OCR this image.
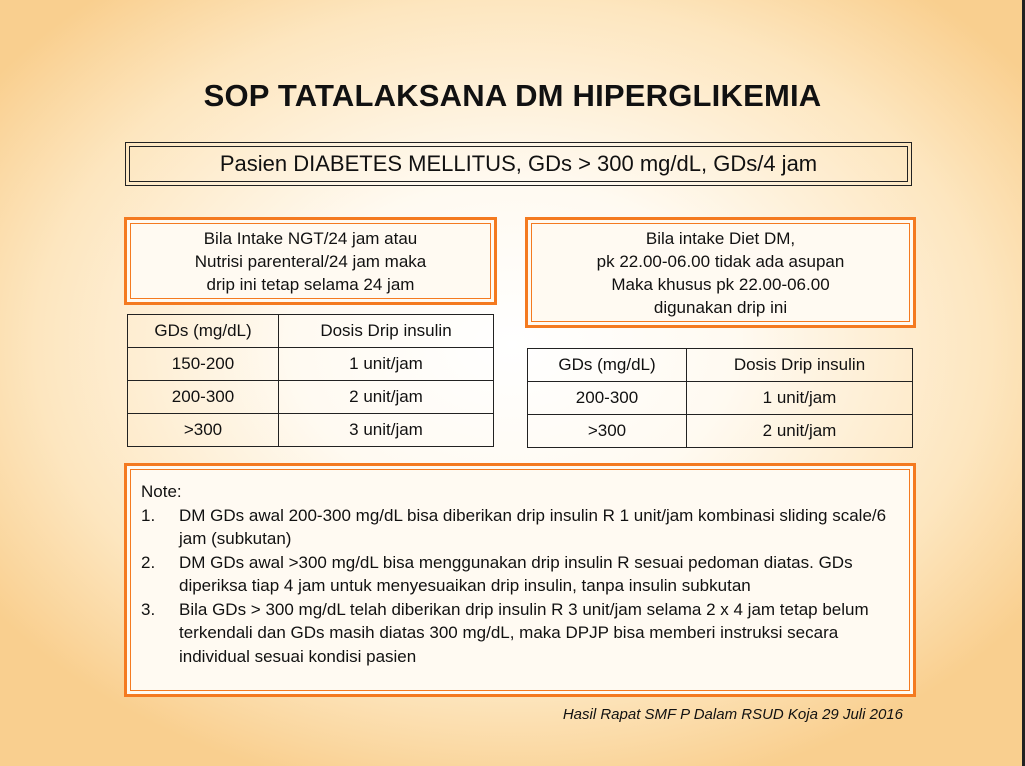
SOP TATALAKSANA DM HIPERGLIKEMIA
Pasien DIABETES MELLITUS, GDs > 300 mg/dL, GDs/4 jam
Bila Intake NGT/24 jam atau
Nutrisi parenteral/24 jam maka
drip ini tetap selama 24 jam
Bila intake Diet DM,
pk 22.00-06.00 tidak ada asupan
Maka khusus pk 22.00-06.00
digunakan drip ini
GDs (mg/dL)	Dosis Drip insulin
150-200	1 unit/jam
200-300	2 unit/jam
>300	3 unit/jam
GDs (mg/dL)	Dosis Drip insulin
200-300	1 unit/jam
>300	2 unit/jam
Note:
1.	DM GDs awal 200-300 mg/dL bisa diberikan drip insulin R 1 unit/jam kombinasi sliding scale/6 jam (subkutan)
2.	DM GDs awal >300 mg/dL bisa menggunakan drip insulin R sesuai pedoman diatas. GDs diperiksa tiap 4 jam untuk menyesuaikan drip insulin, tanpa insulin subkutan
3.	Bila GDs > 300 mg/dL telah diberikan drip insulin R 3 unit/jam selama 2 x 4 jam tetap belum terkendali dan GDs masih diatas 300 mg/dL, maka DPJP bisa memberi instruksi secara individual sesuai kondisi pasien
Hasil Rapat SMF P Dalam RSUD Koja 29 Juli 2016
